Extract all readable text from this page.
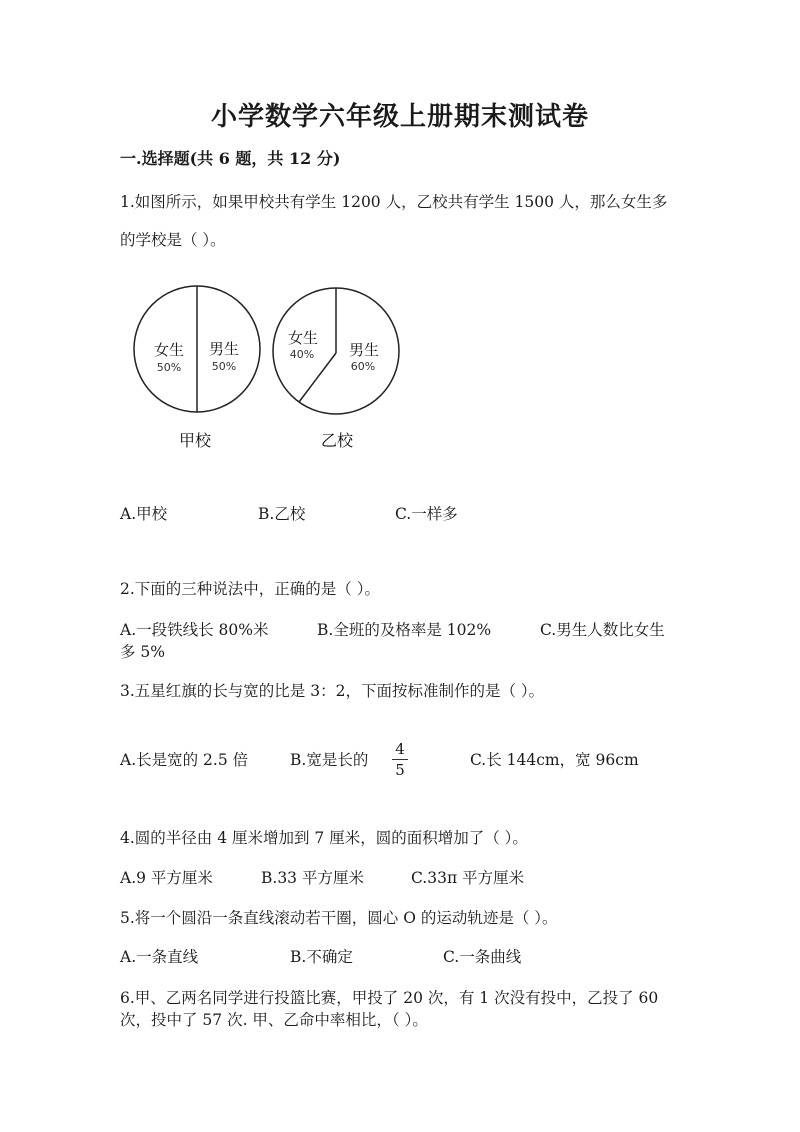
小学数学六年级上册期末测试卷
一.选择题(共 6 题，共 12 分)
1.如图所示，如果甲校共有学生 1200 人，乙校共有学生 1500 人，那么女生多
的学校是（ ）。
女生
50%
男生
50%
甲校
女生
40% 男生
60%
乙校
A.甲校	B.乙校	C.一样多
2.下面的三种说法中，正确的是（ ）。
A.一段铁线长 80%米	B.全班的及格率是 102%	C.男生人数比女生
多 5%
3.五星红旗的长与宽的比是 3：2，下面按标准制作的是（ ）。
A.长是宽的 2.5 倍	B.宽是长的
4
5
C.长 144cm，宽 96cm
4.圆的半径由 4 厘米增加到 7 厘米，圆的面积增加了（ ）。
A.9 平方厘米	B.33 平方厘米	C.33π 平方厘米
5.将一个圆沿一条直线滚动若干圈，圆心 O 的运动轨迹是（ ）。
A.一条直线	B.不确定	C.一条曲线
6.甲、乙两名同学进行投篮比赛，甲投了 20 次，有 1 次没有投中，乙投了 60
次，投中了 57 次. 甲、乙命中率相比，（ ）。
